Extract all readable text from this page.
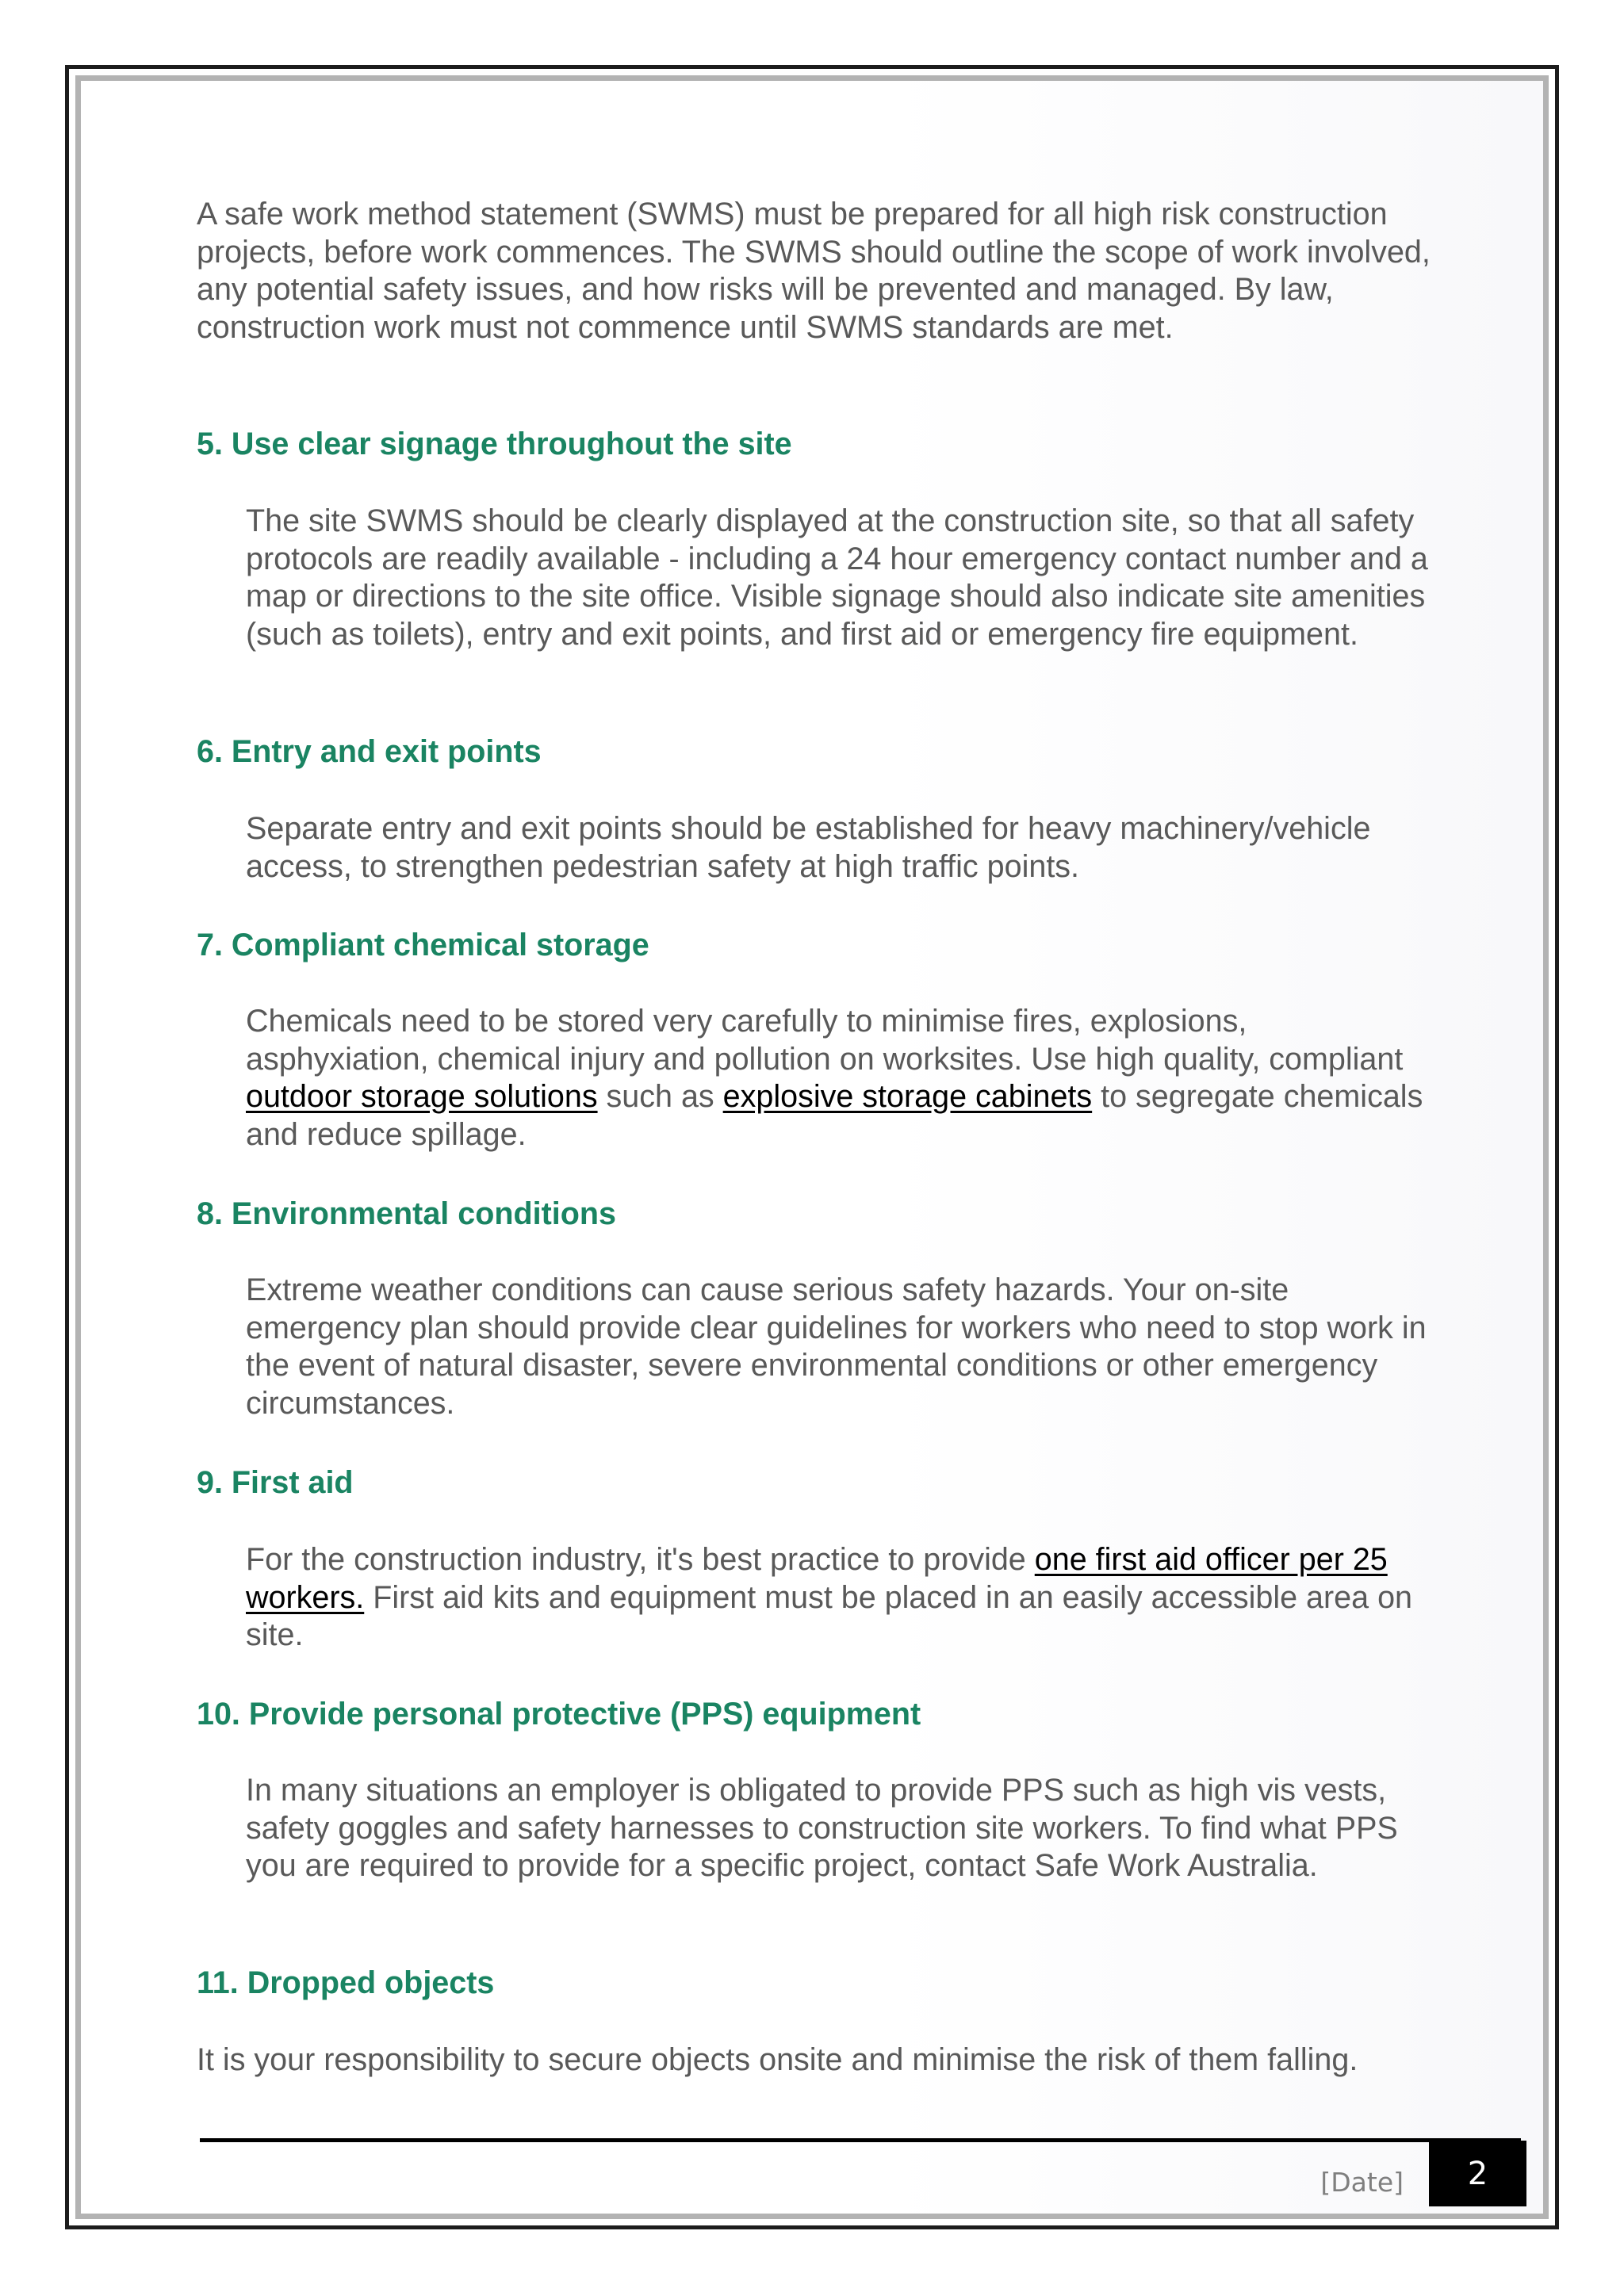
A safe work method statement (SWMS) must be prepared for all high risk construction projects, before work commences. The SWMS should outline the scope of work involved, any potential safety issues, and how risks will be prevented and managed. By law, construction work must not commence until SWMS standards are met.

5. Use clear signage throughout the site

The site SWMS should be clearly displayed at the construction site, so that all safety protocols are readily available - including a 24 hour emergency contact number and a map or directions to the site office. Visible signage should also indicate site amenities (such as toilets), entry and exit points, and first aid or emergency fire equipment.

6. Entry and exit points

Separate entry and exit points should be established for heavy machinery/vehicle access, to strengthen pedestrian safety at high traffic points.

7. Compliant chemical storage

Chemicals need to be stored very carefully to minimise fires, explosions, asphyxiation, chemical injury and pollution on worksites. Use high quality, compliant outdoor storage solutions such as explosive storage cabinets to segregate chemicals and reduce spillage.

8. Environmental conditions

Extreme weather conditions can cause serious safety hazards. Your on-site emergency plan should provide clear guidelines for workers who need to stop work in the event of natural disaster, severe environmental conditions or other emergency circumstances.

9. First aid

For the construction industry, it's best practice to provide one first aid officer per 25 workers. First aid kits and equipment must be placed in an easily accessible area on site.

10. Provide personal protective (PPS) equipment

In many situations an employer is obligated to provide PPS such as high vis vests, safety goggles and safety harnesses to construction site workers. To find what PPS you are required to provide for a specific project, contact Safe Work Australia.

11. Dropped objects

It is your responsibility to secure objects onsite and minimise the risk of them falling.

[Date] 2
